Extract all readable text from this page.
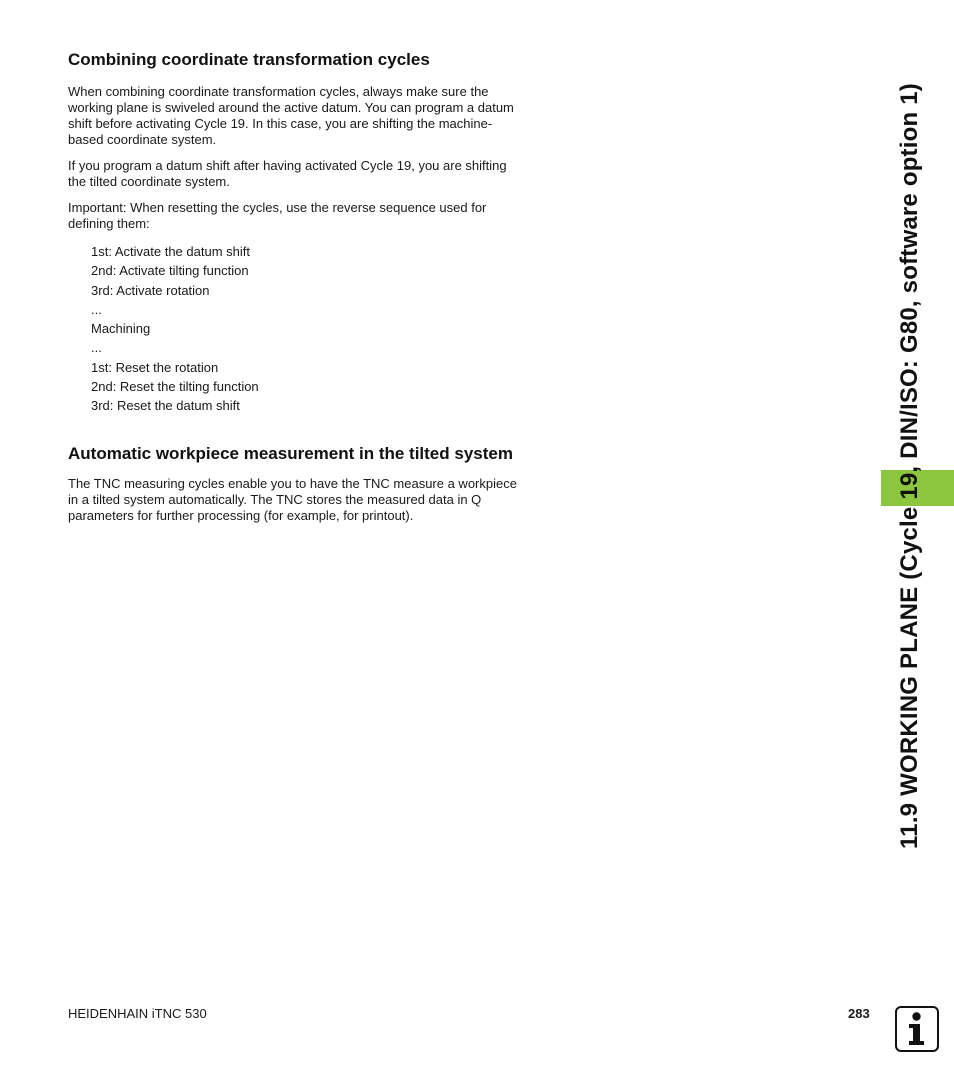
Combining coordinate transformation cycles

When combining coordinate transformation cycles, always make sure the working plane is swiveled around the active datum. You can program a datum shift before activating Cycle 19. In this case, you are shifting the machine-based coordinate system.

If you program a datum shift after having activated Cycle 19, you are shifting the tilted coordinate system.

Important: When resetting the cycles, use the reverse sequence used for defining them:

1st: Activate the datum shift
2nd: Activate tilting function
3rd: Activate rotation
...
Machining
...
1st: Reset the rotation
2nd: Reset the tilting function
3rd: Reset the datum shift
Automatic workpiece measurement in the tilted system

The TNC measuring cycles enable you to have the TNC measure a workpiece in a tilted system automatically. The TNC stores the measured data in Q parameters for further processing (for example, for printout).	11.9 WORKING PLANE (Cycle 19, DIN/ISO: G80, software option 1)
HEIDENHAIN iTNC 530	283
